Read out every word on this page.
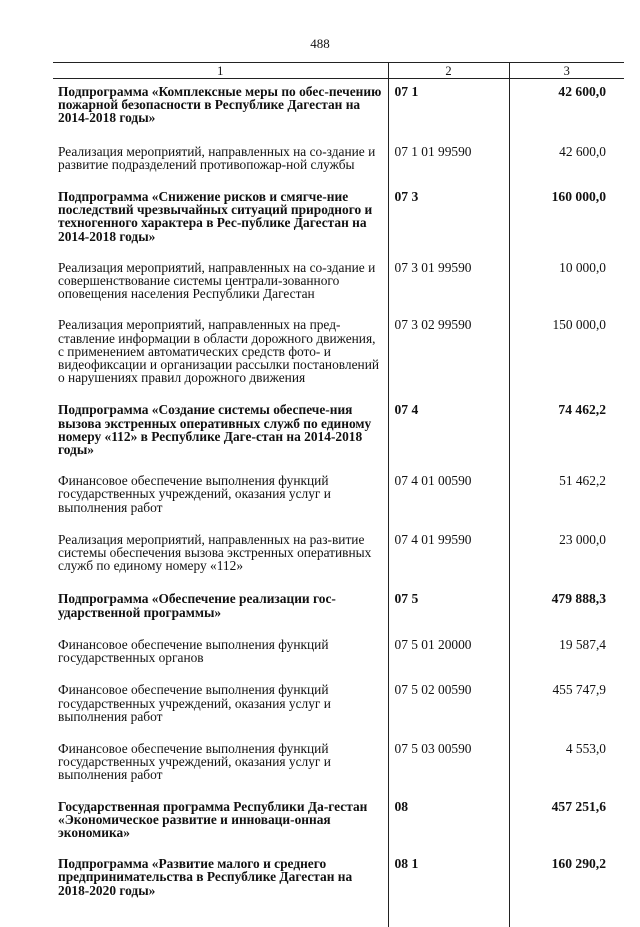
488
1	2	3
Подпрограмма «Комплексные меры по обес-печению пожарной безопасности в Республике Дагестан на 2014-2018 годы»	07 1	42 600,0
Реализация мероприятий, направленных на со-здание и развитие подразделений противопожар-ной службы	07 1 01 99590	42 600,0
Подпрограмма «Снижение рисков и смягче-ние последствий чрезвычайных ситуаций природного и техногенного характера в Рес-публике Дагестан на 2014-2018 годы»	07 3	160 000,0
Реализация мероприятий, направленных на со-здание и совершенствование системы централи-зованного оповещения населения Республики Дагестан	07 3 01 99590	10 000,0
Реализация мероприятий, направленных на пред-ставление информации в области дорожного движения, с применением автоматических средств фото- и видеофиксации и организации рассылки постановлений о нарушениях правил дорожного движения	07 3 02 99590	150 000,0
Подпрограмма «Создание системы обеспече-ния вызова экстренных оперативных служб по единому номеру «112» в Республике Даге-стан на 2014-2018 годы»	07 4	74 462,2
Финансовое обеспечение выполнения функций государственных учреждений, оказания услуг и выполнения работ	07 4 01 00590	51 462,2
Реализация мероприятий, направленных на раз-витие системы обеспечения вызова экстренных оперативных служб по единому номеру «112»	07 4 01 99590	23 000,0
Подпрограмма «Обеспечение реализации гос-ударственной программы»	07 5	479 888,3
Финансовое обеспечение выполнения функций государственных органов	07 5 01 20000	19 587,4
Финансовое обеспечение выполнения функций государственных учреждений, оказания услуг и выполнения работ	07 5 02 00590	455 747,9
Финансовое обеспечение выполнения функций государственных учреждений, оказания услуг и выполнения работ	07 5 03 00590	4 553,0
Государственная программа Республики Да-гестан «Экономическое развитие и инноваци-онная экономика»	08	457 251,6
Подпрограмма «Развитие малого и среднего предпринимательства в Республике Дагестан на 2018-2020 годы»	08 1	160 290,2
